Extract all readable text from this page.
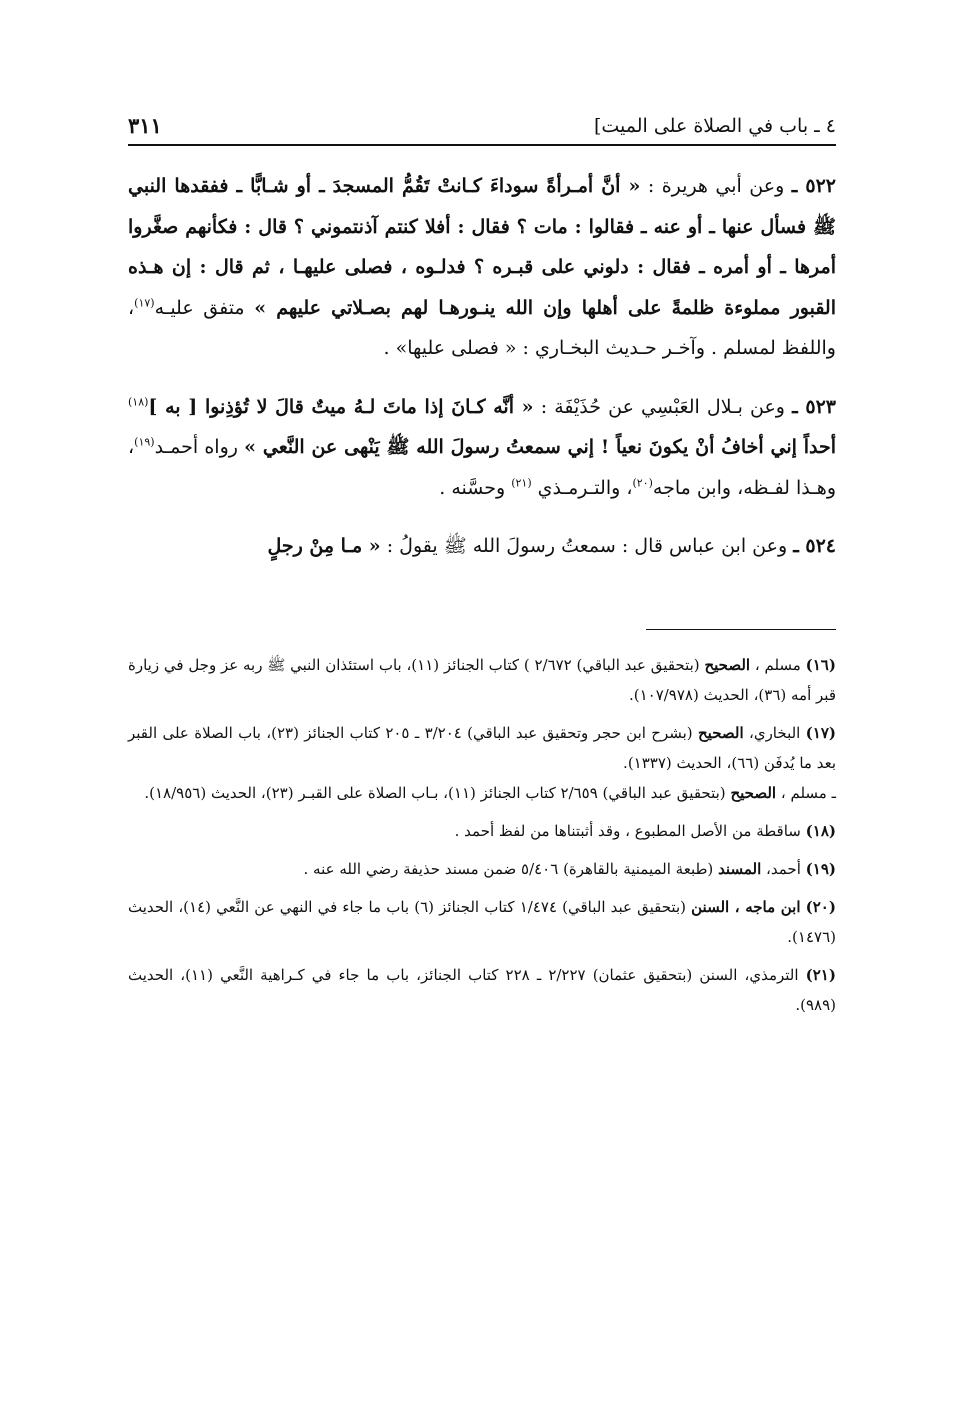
٤ ـ باب في الصلاة على الميت]
٣١١

٥٢٢ ـ وعن أبي هريرة : « أنَّ أمـرأةً سوداءَ كـانتْ تَقُمُّ المسجدَ ـ أو شـابًّا ـ ففقدها النبي ﷺ فسأل عنها ـ أو عنه ـ فقالوا : مات ؟ فقال : أفلا كنتم آذنتموني ؟ قال : فكأنهم صغَّروا أمرها ـ أو أمره ـ فقال : دلوني على قبـره ؟ فدلـوه ، فصلى عليهـا ، ثم قال : إن هـذه القبور مملوءة ظلمةً على أهلها وإن الله ينـورهـا لهم بصـلاتي عليهم » متفق عليـه$^{(١٧)}$، واللفظ لمسلم . وآخـر حـديث البخـاري : « فصلى عليها» .

٥٢٣ ـ وعن بـلال العَبْسِي عن حُذَيْفَة : « أنَّه كـانَ إذا ماتَ لـهُ ميتٌ قالَ لا تُؤذِنوا [ به ]$^{(١٨)}$ أحداً إني أخافُ أنْ يكونَ نعياً ! إني سمعتُ رسولَ الله ﷺ يَنْهى عن النَّعي » رواه أحمـد$^{(١٩)}$، وهـذا لفـظه، وابن ماجه$^{(٢٠)}$، والتـرمـذي $^{(٢١)}$ وحسَّنه .

٥٢٤ ـ وعن ابن عباس قال : سمعتُ رسولَ الله ﷺ يقولُ : « مـا مِنْ رجلٍ

(١٦) مسلم ، الصحيح (بتحقيق عبد الباقي) ٢/٦٧٢ ) كتاب الجنائز (١١)، باب استئذان النبي ﷺ ربه عز وجل في زيارة قبر أمه (٣٦)، الحديث (١٠٧/٩٧٨).

(١٧) البخاري، الصحيح (بشرح ابن حجر وتحقيق عبد الباقي) ٣/٢٠٤ ـ ٢٠٥ كتاب الجنائز (٢٣)، باب الصلاة على القبر بعد ما يُدفَن (٦٦)، الحديث (١٣٣٧).
ـ مسلم ، الصحيح (بتحقيق عبد الباقي) ٢/٦٥٩ كتاب الجنائز (١١)، بـاب الصلاة على القبـر (٢٣)، الحديث (١٨/٩٥٦).

(١٨) ساقطة من الأصل المطبوع ، وقد أثبتناها من لفظ أحمد .

(١٩) أحمد، المسند (طبعة الميمنية بالقاهرة) ٥/٤٠٦ ضمن مسند حذيفة رضي الله عنه .

(٢٠) ابن ماجه ، السنن (بتحقيق عبد الباقي) ١/٤٧٤ كتاب الجنائز (٦) باب ما جاء في النهي عن النَّعي (١٤)، الحديث (١٤٧٦).

(٢١) الترمذي، السنن (بتحقيق عثمان) ٢/٢٢٧ ـ ٢٢٨ كتاب الجنائز، باب ما جاء في كـراهية النَّعي (١١)، الحديث (٩٨٩).
